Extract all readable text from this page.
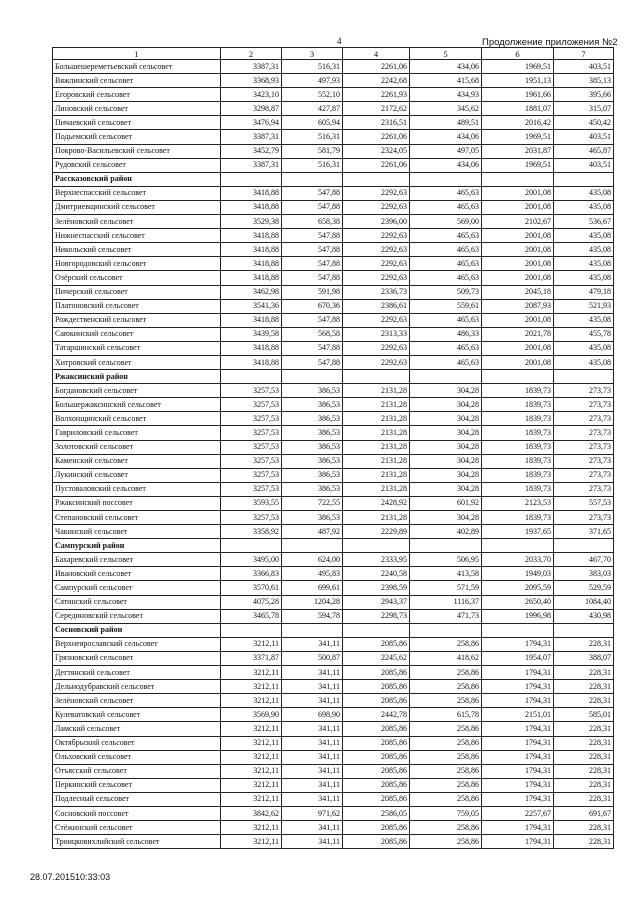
4	Продолжение приложения №2
1	2	3	4	5	6	7
Большешереметьевский сельсовет	3387,31	516,31	2261,06	434,06	1969,51	403,51
Вяжлинский сельсовет	3368,93	497,93	2242,68	415,68	1951,13	385,13
Егоровский сельсовет	3423,10	552,10	2261,93	434,93	1961,66	395,66
Линовский сельсовет	3298,87	427,87	2172,62	345,62	1881,07	315,07
Пичаевский сельсовет	3476,94	605,94	2316,51	489,51	2016,42	450,42
Подьемский сельсовет	3387,31	516,31	2261,06	434,06	1969,51	403,51
Покрово-Васильевский сельсовет	3452,79	581,79	2324,05	497,05	2031,87	465,87
Рудовский сельсовет	3387,31	516,31	2261,06	434,06	1969,51	403,51
Рассказовский район						
Верхнеспасский сельсовет	3418,88	547,88	2292,63	465,63	2001,08	435,08
Дмитриевщинский сельсовет	3418,88	547,88	2292,63	465,63	2001,08	435,08
Зелёновский сельсовет	3529,38	658,38	2396,00	569,00	2102,67	536,67
Нижнеспасский сельсовет	3418,88	547,88	2292,63	465,63	2001,08	435,08
Никольский сельсовет	3418,88	547,88	2292,63	465,63	2001,08	435,08
Новгородовский сельсовет	3418,88	547,88	2292,63	465,63	2001,08	435,08
Озёрский сельсовет	3418,88	547,88	2292,63	465,63	2001,08	435,08
Пичерский сельсовет	3462,98	591,98	2336,73	509,73	2045,18	479,18
Платоновский сельсовет	3541,36	670,36	2386,61	559,61	2087,93	521,93
Рождественский сельсовет	3418,88	547,88	2292,63	465,63	2001,08	435,08
Саюкинский сельсовет	3439,58	568,58	2313,33	486,33	2021,78	455,78
Татаршинский сельсовет	3418,88	547,88	2292,63	465,63	2001,08	435,08
Хитровский сельсовет	3418,88	547,88	2292,63	465,63	2001,08	435,08
Ржаксинский район						
Богдановский сельсовет	3257,53	386,53	2131,28	304,28	1839,73	273,73
Большержаксинский сельсовет	3257,53	386,53	2131,28	304,28	1839,73	273,73
Волхонщинский сельсовет	3257,53	386,53	2131,28	304,28	1839,73	273,73
Гавриловский сельсовет	3257,53	386,53	2131,28	304,28	1839,73	273,73
Золотовский сельсовет	3257,53	386,53	2131,28	304,28	1839,73	273,73
Каменский сельсовет	3257,53	386,53	2131,28	304,28	1839,73	273,73
Лукинский сельсовет	3257,53	386,53	2131,28	304,28	1839,73	273,73
Пустоваловский сельсовет	3257,53	386,53	2131,28	304,28	1839,73	273,73
Ржаксинский поссовет	3593,55	722,55	2428,92	601,92	2123,53	557,53
Степановский сельсовет	3257,53	386,53	2131,28	304,28	1839,73	273,73
Чакинский сельсовет	3358,92	487,92	2229,89	402,89	1937,65	371,65
Сампурский район						
Бахаревский сельсовет	3495,00	624,00	2333,95	506,95	2033,70	467,70
Ивановский сельсовет	3366,83	495,83	2240,58	413,58	1949,03	383,03
Сампурский сельсовет	3570,61	699,61	2398,59	571,59	2095,59	529,59
Сатинский сельсовет	4075,28	1204,28	2943,37	1116,37	2650,40	1084,40
Серединовский сельсовет	3465,78	594,78	2298,73	471,73	1996,98	430,98
Сосновский район						
Верхнеярославский сельсовет	3212,11	341,11	2085,86	258,86	1794,31	228,31
Грязновский сельсовет	3371,87	500,87	2245,62	418,62	1954,07	388,07
Дегтянский сельсовет	3212,11	341,11	2085,86	258,86	1794,31	228,31
Дельнодубравский сельсовет	3212,11	341,11	2085,86	258,86	1794,31	228,31
Зелёновский сельсовет	3212,11	341,11	2085,86	258,86	1794,31	228,31
Кулеватовский сельсовет	3569,90	698,90	2442,78	615,78	2151,01	585,01
Ламский сельсовет	3212,11	341,11	2085,86	258,86	1794,31	228,31
Октябрьский сельсовет	3212,11	341,11	2085,86	258,86	1794,31	228,31
Ольховский сельсовет	3212,11	341,11	2085,86	258,86	1794,31	228,31
Отъясский сельсовет	3212,11	341,11	2085,86	258,86	1794,31	228,31
Перкинский сельсовет	3212,11	341,11	2085,86	258,86	1794,31	228,31
Подлесный сельсовет	3212,11	341,11	2085,86	258,86	1794,31	228,31
Сосновский поссовет	3842,62	971,62	2586,05	759,05	2257,67	691,67
Стёжинский сельсовет	3212,11	341,11	2085,86	258,86	1794,31	228,31
Троицковихлийский сельсовет	3212,11	341,11	2085,86	258,86	1794,31	228,31
28.07.201510:33:03
